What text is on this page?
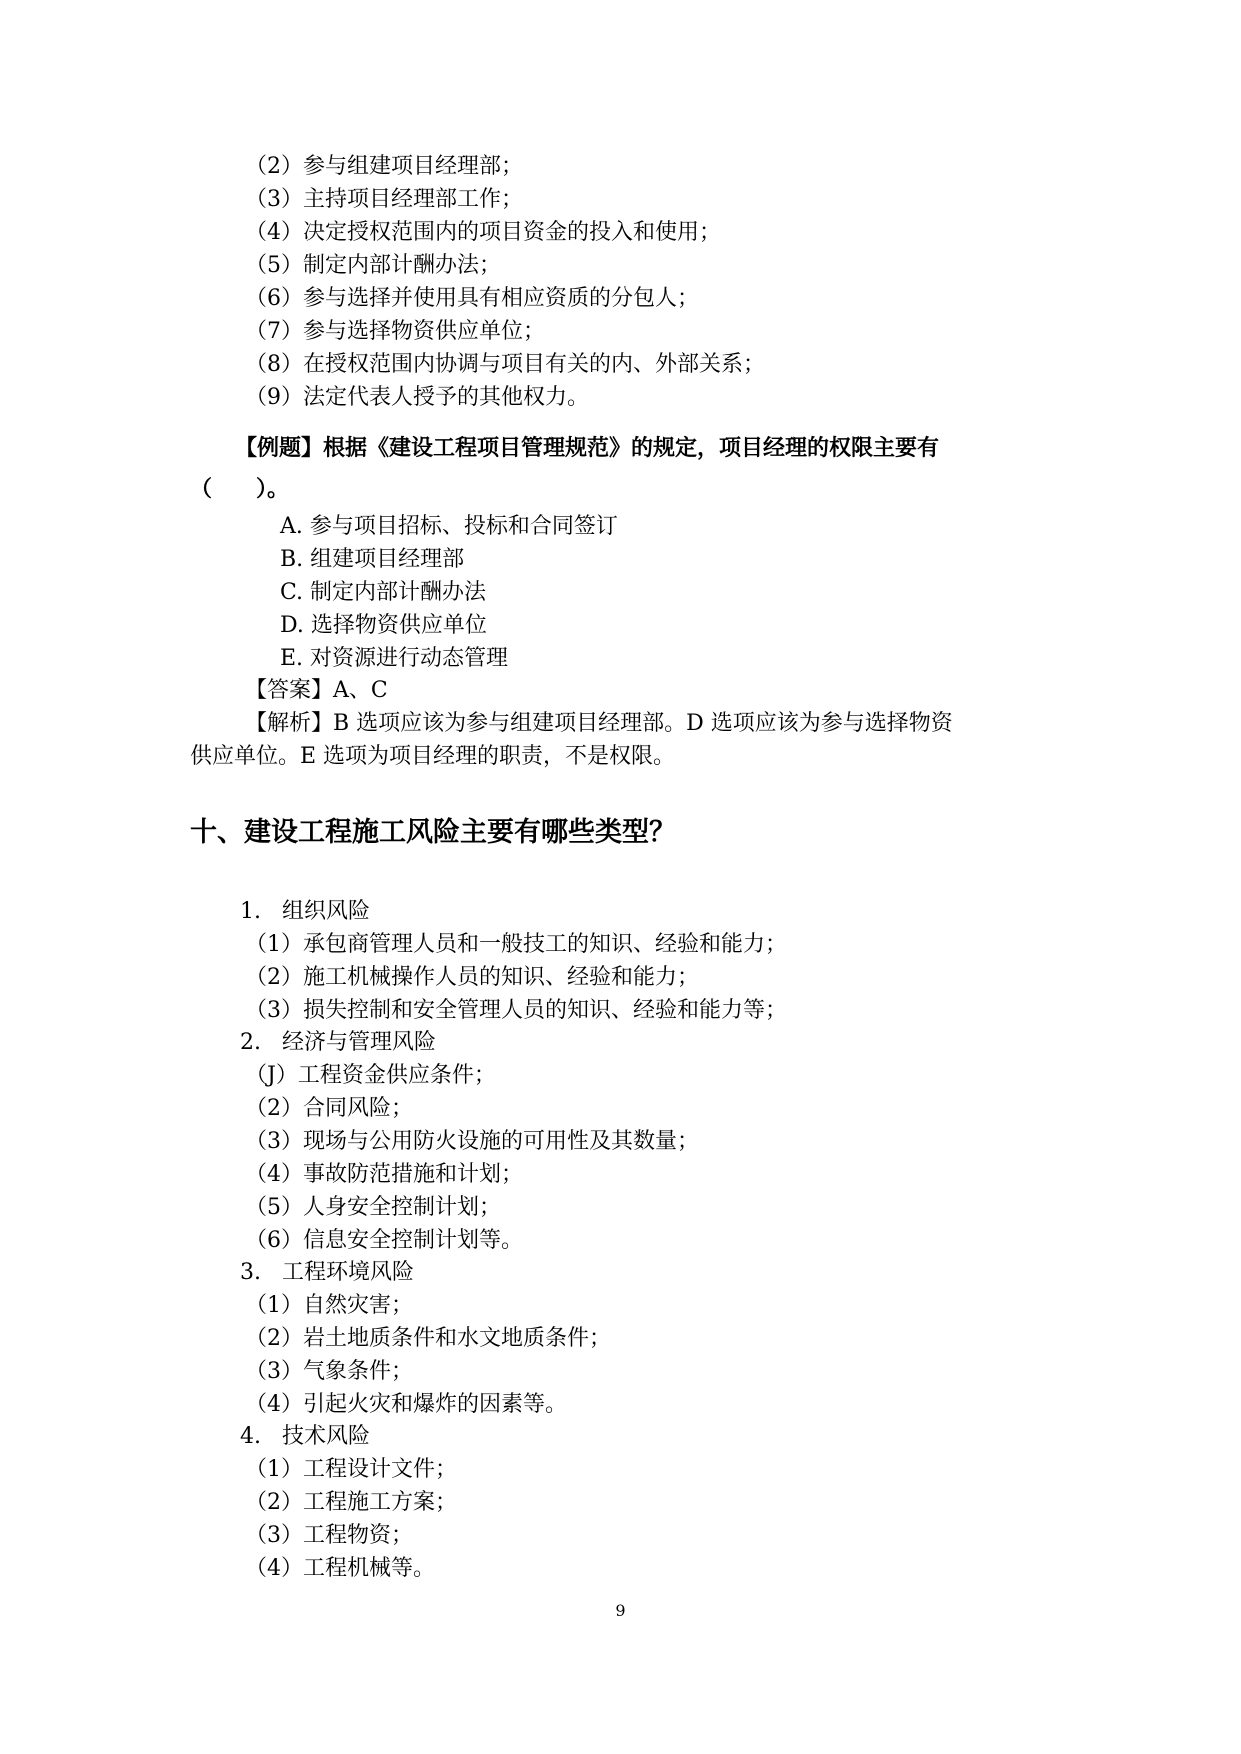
（2）参与组建项目经理部；
（3）主持项目经理部工作；
（4）决定授权范围内的项目资金的投入和使用；
（5）制定内部计酬办法；
（6）参与选择并使用具有相应资质的分包人；
（7）参与选择物资供应单位；
（8）在授权范围内协调与项目有关的内、外部关系；
（9）法定代表人授予的其他权力。
【例题】根据《建设工程项目管理规范》的规定，项目经理的权限主要有
（　　）。
A. 参与项目招标、投标和合同签订
B. 组建项目经理部
C. 制定内部计酬办法
D. 选择物资供应单位
E. 对资源进行动态管理
【答案】A、C
【解析】B 选项应该为参与组建项目经理部。D 选项应该为参与选择物资
供应单位。E 选项为项目经理的职责，不是权限。
十、建设工程施工风险主要有哪些类型？
1. 组织风险
（1）承包商管理人员和一般技工的知识、经验和能力；
（2）施工机械操作人员的知识、经验和能力；
（3）损失控制和安全管理人员的知识、经验和能力等；
2. 经济与管理风险
（J）工程资金供应条件；
（2）合同风险；
（3）现场与公用防火设施的可用性及其数量；
（4）事故防范措施和计划；
（5）人身安全控制计划；
（6）信息安全控制计划等。
3. 工程环境风险
（1）自然灾害；
（2）岩土地质条件和水文地质条件；
（3）气象条件；
（4）引起火灾和爆炸的因素等。
4. 技术风险
（1）工程设计文件；
（2）工程施工方案；
（3）工程物资；
（4）工程机械等。
9
